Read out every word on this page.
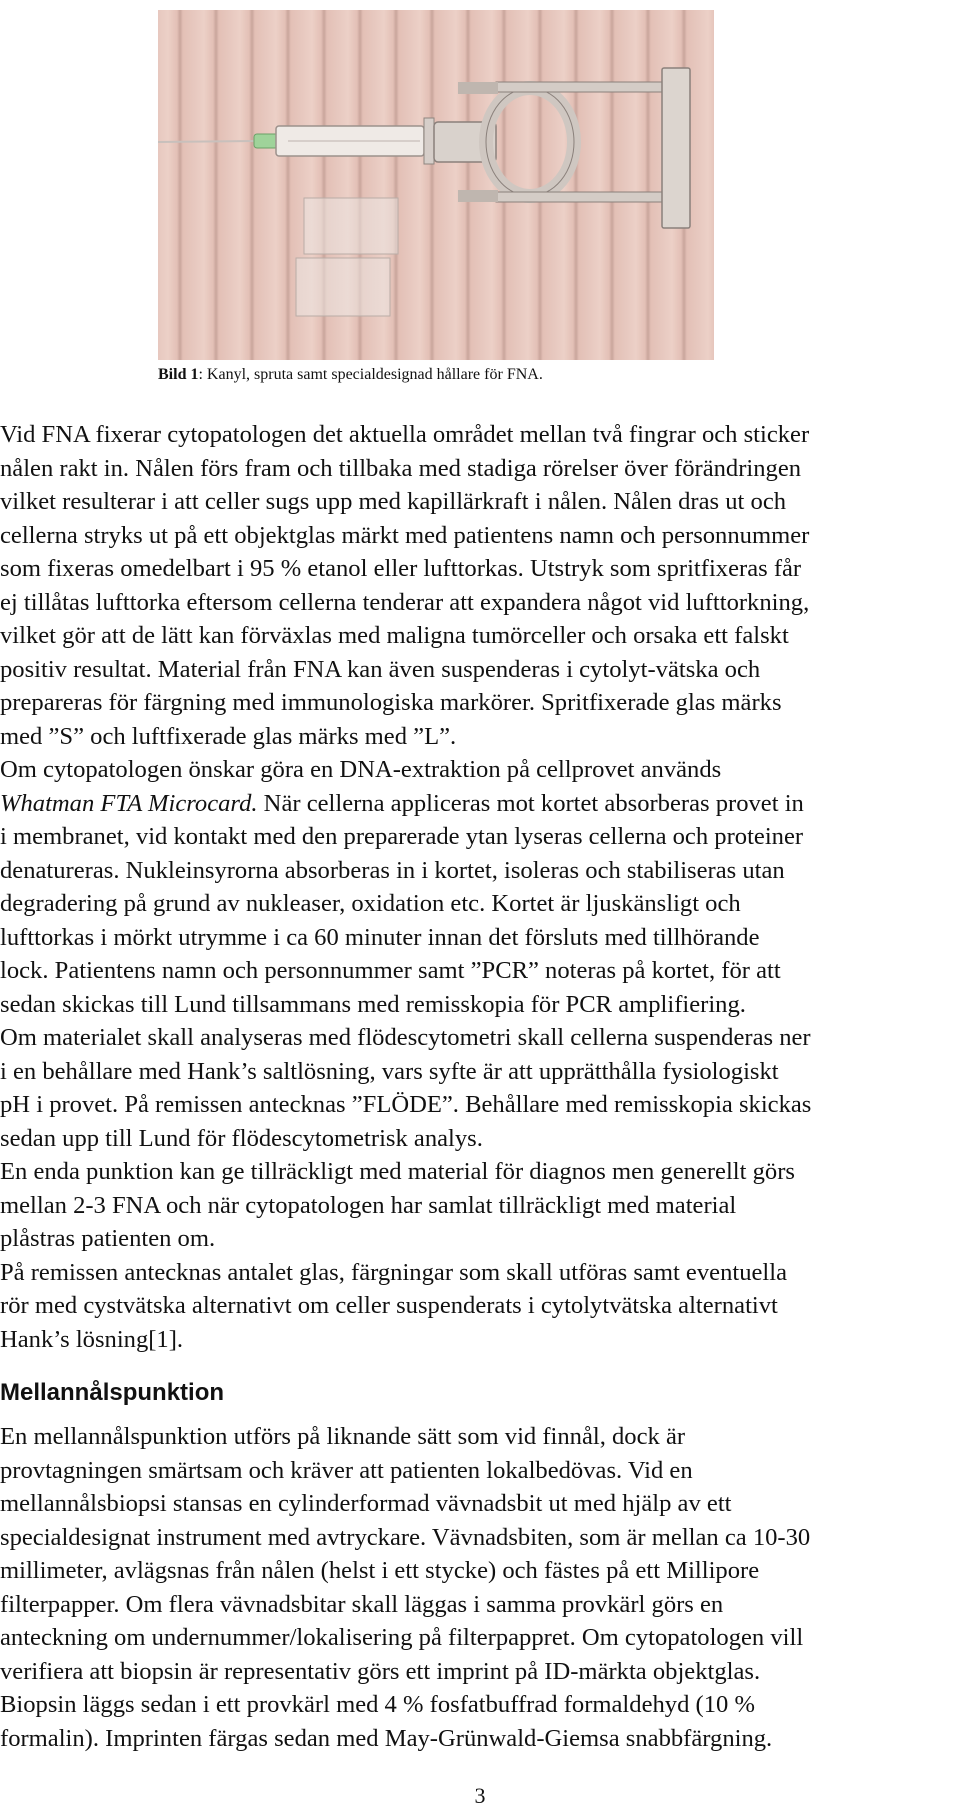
Bild 1: Kanyl, spruta samt specialdesignad hållare för FNA.
Vid FNA fixerar cytopatologen det aktuella området mellan två fingrar och sticker
nålen rakt in. Nålen förs fram och tillbaka med stadiga rörelser över förändringen
vilket resulterar i att celler sugs upp med kapillärkraft i nålen. Nålen dras ut och
cellerna stryks ut på ett objektglas märkt med patientens namn och personnummer
som fixeras omedelbart i 95 % etanol eller lufttorkas. Utstryk som spritfixeras får
ej tillåtas lufttorka eftersom cellerna tenderar att expandera något vid lufttorkning,
vilket gör att de lätt kan förväxlas med maligna tumörceller och orsaka ett falskt
positiv resultat. Material från FNA kan även suspenderas i cytolyt-vätska och
prepareras för färgning med immunologiska markörer. Spritfixerade glas märks
med ”S” och luftfixerade glas märks med ”L”.
Om cytopatologen önskar göra en DNA-extraktion på cellprovet används
Whatman FTA Microcard. När cellerna appliceras mot kortet absorberas provet in
i membranet, vid kontakt med den preparerade ytan lyseras cellerna och proteiner
denatureras. Nukleinsyrorna absorberas in i kortet, isoleras och stabiliseras utan
degradering på grund av nukleaser, oxidation etc. Kortet är ljuskänsligt och
lufttorkas i mörkt utrymme i ca 60 minuter innan det försluts med tillhörande
lock. Patientens namn och personnummer samt ”PCR” noteras på kortet, för att
sedan skickas till Lund tillsammans med remisskopia för PCR amplifiering.
Om materialet skall analyseras med flödescytometri skall cellerna suspenderas ner
i en behållare med Hank’s saltlösning, vars syfte är att upprätthålla fysiologiskt
pH i provet. På remissen antecknas ”FLÖDE”. Behållare med remisskopia skickas
sedan upp till Lund för flödescytometrisk analys.
En enda punktion kan ge tillräckligt med material för diagnos men generellt görs
mellan 2-3 FNA och när cytopatologen har samlat tillräckligt med material
plåstras patienten om.
På remissen antecknas antalet glas, färgningar som skall utföras samt eventuella
rör med cystvätska alternativt om celler suspenderats i cytolytvätska alternativt
Hank’s lösning[1].
Mellannålspunktion
En mellannålspunktion utförs på liknande sätt som vid finnål, dock är
provtagningen smärtsam och kräver att patienten lokalbedövas. Vid en
mellannålsbiopsi stansas en cylinderformad vävnadsbit ut med hjälp av ett
specialdesignat instrument med avtryckare. Vävnadsbiten, som är mellan ca 10-30
millimeter, avlägsnas från nålen (helst i ett stycke) och fästes på ett Millipore
filterpapper. Om flera vävnadsbitar skall läggas i samma provkärl görs en
anteckning om undernummer/lokalisering på filterpappret. Om cytopatologen vill
verifiera att biopsin är representativ görs ett imprint på ID-märkta objektglas.
Biopsin läggs sedan i ett provkärl med 4 % fosfatbuffrad formaldehyd (10 %
formalin). Imprinten färgas sedan med May-Grünwald-Giemsa snabbfärgning.
3
